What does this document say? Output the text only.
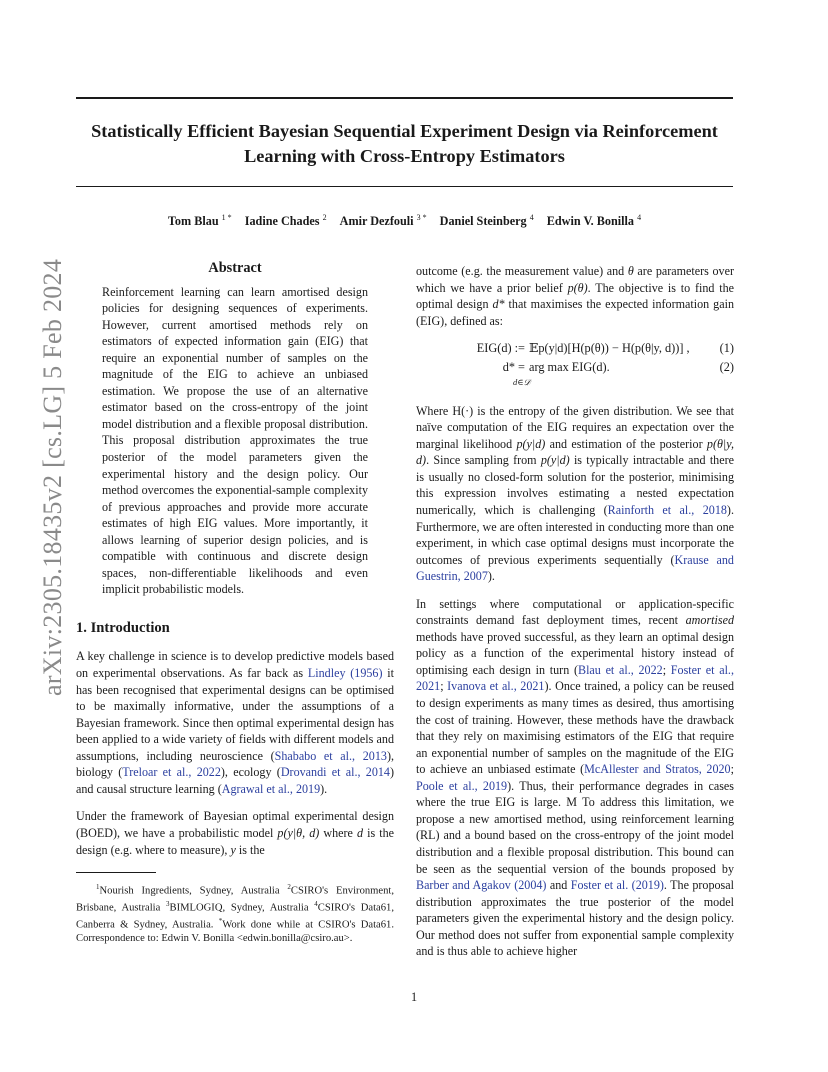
arXiv:2305.18435v2 [cs.LG] 5 Feb 2024
Statistically Efficient Bayesian Sequential Experiment Design via Reinforcement
Learning with Cross-Entropy Estimators
Tom Blau $^{1 *}$ Iadine Chades $^2$ Amir Dezfouli $^{3 *}$ Daniel Steinberg $^4$ Edwin V. Bonilla $^4$
Abstract

Reinforcement learning can learn amortised design policies for designing sequences of experiments. However, current amortised methods rely on estimators of expected information gain (EIG) that require an exponential number of samples on the magnitude of the EIG to achieve an unbiased estimation. We propose the use of an alternative estimator based on the cross-entropy of the joint model distribution and a flexible proposal distribution. This proposal distribution approximates the true posterior of the model parameters given the experimental history and the design policy. Our method overcomes the exponential-sample complexity of previous approaches and provide more accurate estimates of high EIG values. More importantly, it allows learning of superior design policies, and is compatible with continuous and discrete design spaces, non-differentiable likelihoods and even implicit probabilistic models.

1. Introduction

A key challenge in science is to develop predictive models based on experimental observations. As far back as Lindley (1956) it has been recognised that experimental designs can be optimised to be maximally informative, under the assumptions of a Bayesian framework. Since then optimal experimental design has been applied to a wide variety of fields with different models and assumptions, including neuroscience (Shababo et al., 2013), biology (Treloar et al., 2022), ecology (Drovandi et al., 2014) and causal structure learning (Agrawal et al., 2019).

Under the framework of Bayesian optimal experimental design (BOED), we have a probabilistic model p(y|θ, d) where d is the design (e.g. where to measure), y is the

$^1$Nourish Ingredients, Sydney, Australia $^2$CSIRO's Environment, Brisbane, Australia $^3$BIMLOGIQ, Sydney, Australia $^4$CSIRO's Data61, Canberra & Sydney, Australia. *Work done while at CSIRO's Data61. Correspondence to: Edwin V. Bonilla <edwin.bonilla@csiro.au>.

outcome (e.g. the measurement value) and θ are parameters over which we have a prior belief p(θ). The objective is to find the optimal design d* that maximises the expected information gain (EIG), defined as:

EIG(d) := 𝔼p(y|d)[H(p(θ)) − H(p(θ|y, d))] ,	(1)
d* = arg max EIG(d).	(2)
d∈𝒟

Where H(·) is the entropy of the given distribution. We see that naïve computation of the EIG requires an expectation over the marginal likelihood p(y|d) and estimation of the posterior p(θ|y, d). Since sampling from p(y|d) is typically intractable and there is usually no closed-form solution for the posterior, minimising this expression involves estimating a nested expectation numerically, which is challenging (Rainforth et al., 2018). Furthermore, we are often interested in conducting more than one experiment, in which case optimal designs must incorporate the outcomes of previous experiments sequentially (Krause and Guestrin, 2007).

In settings where computational or application-specific constraints demand fast deployment times, recent amortised methods have proved successful, as they learn an optimal design policy as a function of the experimental history instead of optimising each design in turn (Blau et al., 2022; Foster et al., 2021; Ivanova et al., 2021). Once trained, a policy can be reused to design experiments as many times as desired, thus amortising the cost of training. However, these methods have the drawback that they rely on maximising estimators of the EIG that require an exponential number of samples on the magnitude of the EIG to achieve an unbiased estimate (McAllester and Stratos, 2020; Poole et al., 2019). Thus, their performance degrades in cases where the true EIG is large. M To address this limitation, we propose a new amortised method, using reinforcement learning (RL) and a bound based on the cross-entropy of the joint model distribution and a flexible proposal distribution. This bound can be seen as the sequential version of the bounds proposed by Barber and Agakov (2004) and Foster et al. (2019). The proposal distribution approximates the true posterior of the model parameters given the experimental history and the design policy. Our method does not suffer from exponential sample complexity and is thus able to achieve higher

1
